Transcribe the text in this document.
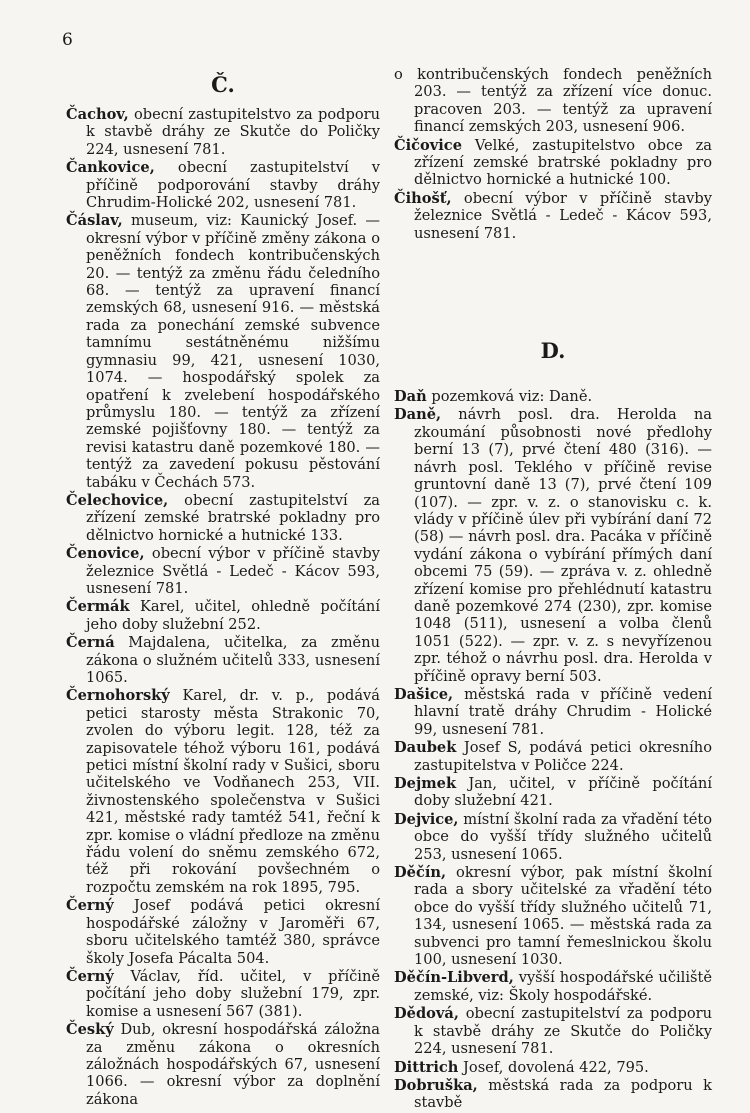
6
Č.
Čachov, obecní zastupitelstvo za podporu k stavbě dráhy ze Skutče do Poličky 224, usnesení 781.
Čankovice, obecní zastupitelství v příčině podporování stavby dráhy Chrudim-Holické 202, usnesení 781.
Čáslav, museum, viz: Kaunický Josef. — okresní výbor v příčině změny zákona o peněžních fondech kontribučenských 20. — tentýž za změnu řádu čeledního 68. — tentýž za upravení financí zemských 68, usnesení 916. — městská rada za ponechání zemské subvence tamnímu sestátněnému nižšímu gymnasiu 99, 421, usnesení 1030, 1074. — hospodářský spolek za opatření k zvelebení hospodářského průmyslu 180. — tentýž za zřízení zemské pojišťovny 180. — tentýž za revisi katastru daně pozemkové 180. — tentýž za zavedení pokusu pěstování tabáku v Čechách 573.
Čelechovice, obecní zastupitelství za zřízení zemské bratrské pokladny pro dělnictvo hornické a hutnické 133.
Čenovice, obecní výbor v příčině stavby železnice Světlá - Ledeč - Kácov 593, usnesení 781.
Čermák Karel, učitel, ohledně počítání jeho doby služební 252.
Černá Majdalena, učitelka, za změnu zákona o služném učitelů 333, usnesení 1065.
Černohorský Karel, dr. v. p., podává petici starosty města Strakonic 70, zvolen do výboru legit. 128, též za zapisovatele téhož výboru 161, podává petici místní školní rady v Sušici, sboru učitelského ve Vodňanech 253, VII. živnostenského společenstva v Sušici 421, městské rady tamtéž 541, řeční k zpr. komise o vládní předloze na změnu řádu volení do sněmu zemského 672, též při rokování povšechném o rozpočtu zemském na rok 1895, 795.
Černý Josef podává petici okresní hospodářské záložny v Jaroměři 67, sboru učitelského tamtéž 380, správce školy Josefa Pácalta 504.
Černý Václav, říd. učitel, v příčině počítání jeho doby služební 179, zpr. komise a usnesení 567 (381).
Český Dub, okresní hospodářská záložna za změnu zákona o okresních záložnách hospodářských 67, usnesení 1066. — okresní výbor za doplnění zákona
o kontribučenských fondech peněžních 203. — tentýž za zřízení více donuc. pracoven 203. — tentýž za upravení financí zemských 203, usnesení 906.
Čičovice Velké, zastupitelstvo obce za zřízení zemské bratrské pokladny pro dělnictvo hornické a hutnické 100.
Čihošť, obecní výbor v příčině stavby železnice Světlá - Ledeč - Kácov 593, usnesení 781.
D.
Daň pozemková viz: Daně.
Daně, návrh posl. dra. Herolda na zkoumání působnosti nové předlohy berní 13 (7), prvé čtení 480 (316). — návrh posl. Teklého v příčině revise gruntovní daně 13 (7), prvé čtení 109 (107). — zpr. v. z. o stanovisku c. k. vlády v příčině úlev při vybírání daní 72 (58) — návrh posl. dra. Pacáka v příčině vydání zákona o vybírání přímých daní obcemi 75 (59). — zpráva v. z. ohledně zřízení komise pro přehlédnutí katastru daně pozemkové 274 (230), zpr. komise 1048 (511), usnesení a volba členů 1051 (522). — zpr. v. z. s nevyřízenou zpr. téhož o návrhu posl. dra. Herolda v příčině opravy berní 503.
Dašice, městská rada v příčině vedení hlavní tratě dráhy Chrudim - Holické 99, usnesení 781.
Daubek Josef S, podává petici okresního zastupitelstva v Poličce 224.
Dejmek Jan, učitel, v příčině počítání doby služební 421.
Dejvice, místní školní rada za vřadění této obce do vyšší třídy služného učitelů 253, usnesení 1065.
Děčín, okresní výbor, pak místní školní rada a sbory učitelské za vřadění této obce do vyšší třídy služného učitelů 71, 134, usnesení 1065. — městská rada za subvenci pro tamní řemeslnickou školu 100, usnesení 1030.
Děčín-Libverd, vyšší hospodářské učiliště zemské, viz: Školy hospodářské.
Dědová, obecní zastupitelství za podporu k stavbě dráhy ze Skutče do Poličky 224, usnesení 781.
Dittrich Josef, dovolená 422, 795.
Dobruška, městská rada za podporu k stavbě
